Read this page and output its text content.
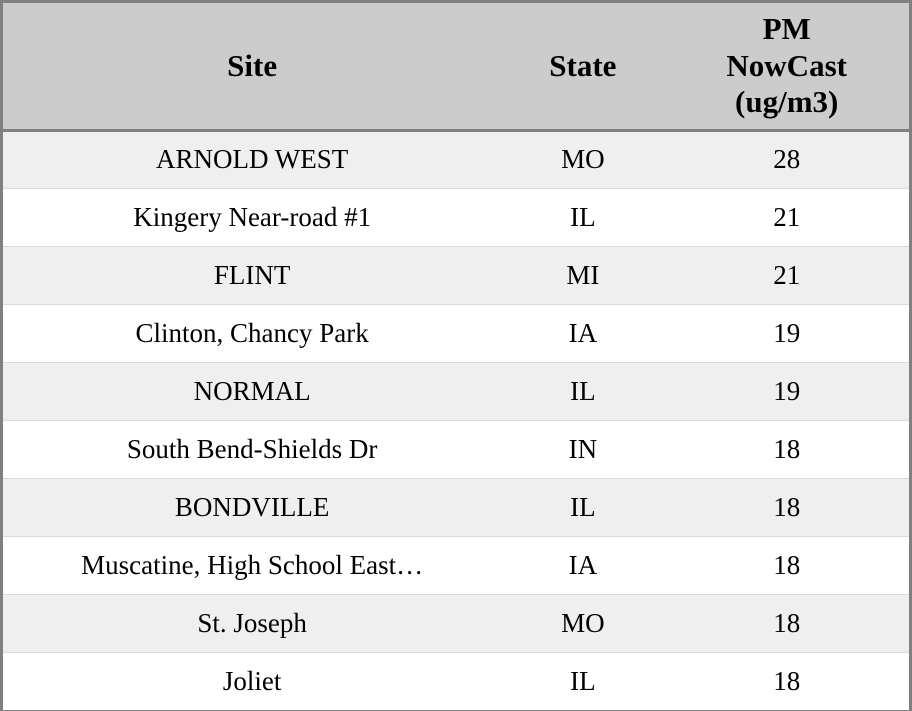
Site	State	PM
NowCast
(ug/m3)

ARNOLD WEST	MO	28
Kingery Near-road #1	IL	21
FLINT	MI	21
Clinton, Chancy Park	IA	19
NORMAL	IL	19
South Bend-Shields Dr	IN	18
BONDVILLE	IL	18
Muscatine, High School East…	IA	18
St. Joseph	MO	18
Joliet	IL	18
